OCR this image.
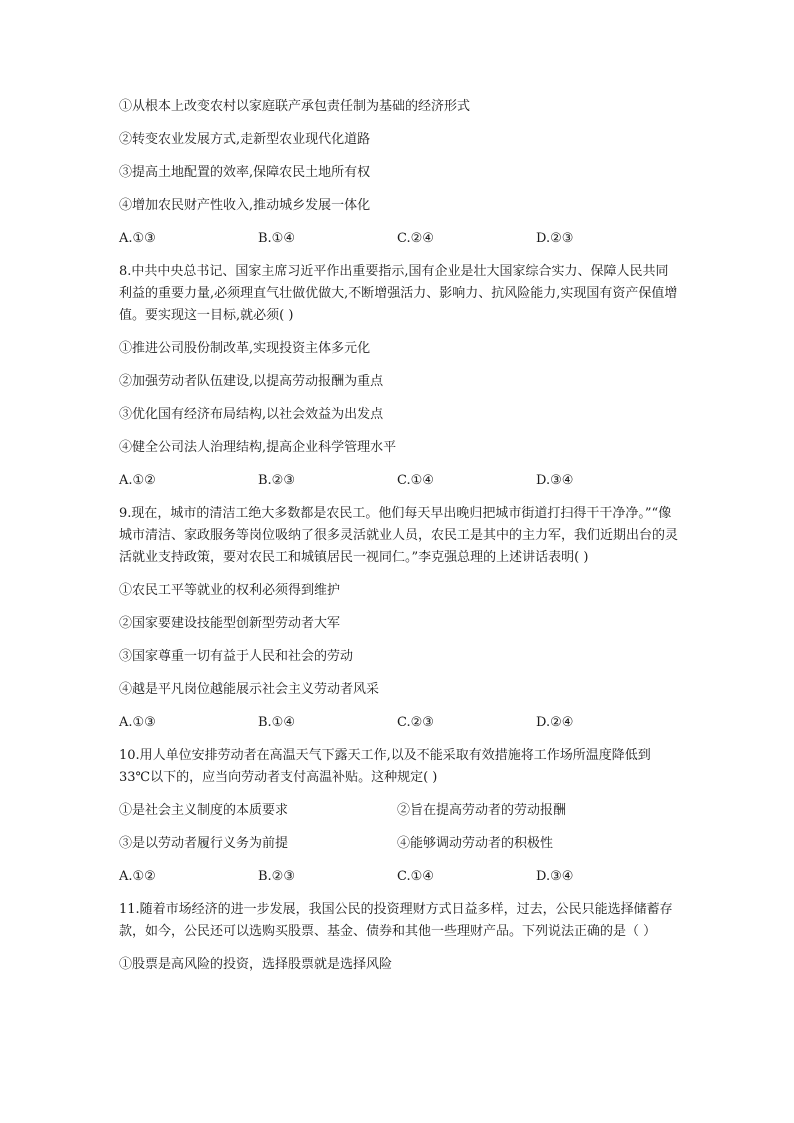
①从根本上改变农村以家庭联产承包责任制为基础的经济形式
②转变农业发展方式,走新型农业现代化道路
③提高土地配置的效率,保障农民土地所有权
④增加农民财产性收入,推动城乡发展一体化
A.①③	B.①④	C.②④	D.②③
8.中共中央总书记、国家主席习近平作出重要指示,国有企业是壮大国家综合实力、保障人民共同利益的重要力量,必须理直气壮做优做大,不断增强活力、影响力、抗风险能力,实现国有资产保值增值。要实现这一目标,就必须( )
①推进公司股份制改革,实现投资主体多元化
②加强劳动者队伍建设,以提高劳动报酬为重点
③优化国有经济布局结构,以社会效益为出发点
④健全公司法人治理结构,提高企业科学管理水平
A.①②	B.②③	C.①④	D.③④
9.现在，城市的清洁工绝大多数都是农民工。他们每天早出晚归把城市街道打扫得干干净净。”“像城市清洁、家政服务等岗位吸纳了很多灵活就业人员，农民工是其中的主力军，我们近期出台的灵活就业支持政策，要对农民工和城镇居民一视同仁。”李克强总理的上述讲话表明( )
①农民工平等就业的权利必须得到维护
②国家要建设技能型创新型劳动者大军
③国家尊重一切有益于人民和社会的劳动
④越是平凡岗位越能展示社会主义劳动者风采
A.①③	B.①④	C.②③	D.②④
10.用人单位安排劳动者在高温天气下露天工作,以及不能采取有效措施将工作场所温度降低到 33℃以下的，应当向劳动者支付高温补贴。这种规定( )
①是社会主义制度的本质要求	②旨在提高劳动者的劳动报酬
③是以劳动者履行义务为前提	④能够调动劳动者的积极性
A.①②	B.②③	C.①④	D.③④
11.随着市场经济的进一步发展，我国公民的投资理财方式日益多样，过去，公民只能选择储蓄存款，如今，公民还可以选购买股票、基金、债券和其他一些理财产品。下列说法正确的是（ ）
①股票是高风险的投资，选择股票就是选择风险
